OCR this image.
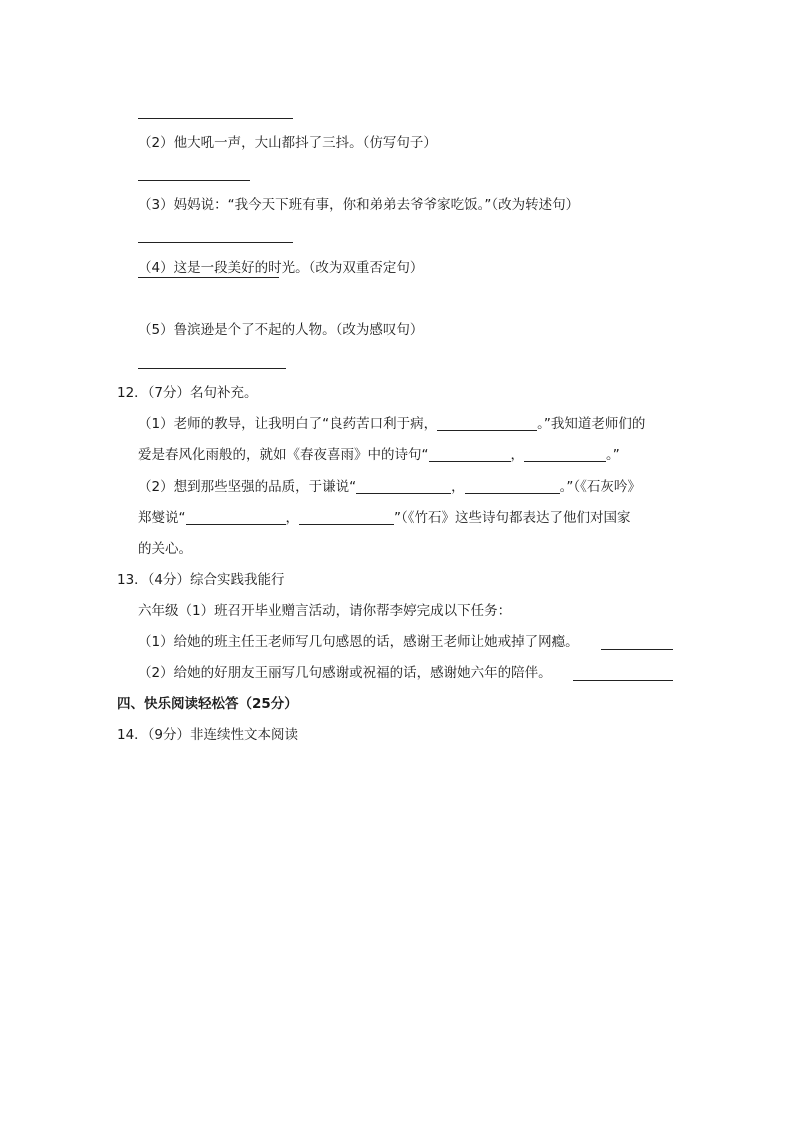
（2）他大吼一声，大山都抖了三抖。（仿写句子）
（3）妈妈说：“我今天下班有事，你和弟弟去爷爷家吃饭。”（改为转述句）
（4）这是一段美好的时光。（改为双重否定句）
（5）鲁滨逊是个了不起的人物。（改为感叹句）
12．（7分）名句补充。
（1）老师的教导，让我明白了“良药苦口利于病，	。”我知道老师们的
爱是春风化雨般的，就如《春夜喜雨》中的诗句“	，	。”
（2）想到那些坚强的品质，于谦说“	，	。”（《石灰吟》
郑燮说“	，	”（《竹石》这些诗句都表达了他们对国家
的关心。
13．（4分）综合实践我能行
六年级（1）班召开毕业赠言活动，请你帮李婷完成以下任务：
（1）给她的班主任王老师写几句感恩的话，感谢王老师让她戒掉了网瘾。
（2）给她的好朋友王丽写几句感谢或祝福的话，感谢她六年的陪伴。
四、快乐阅读轻松答（25分）
14．（9分）非连续性文本阅读
